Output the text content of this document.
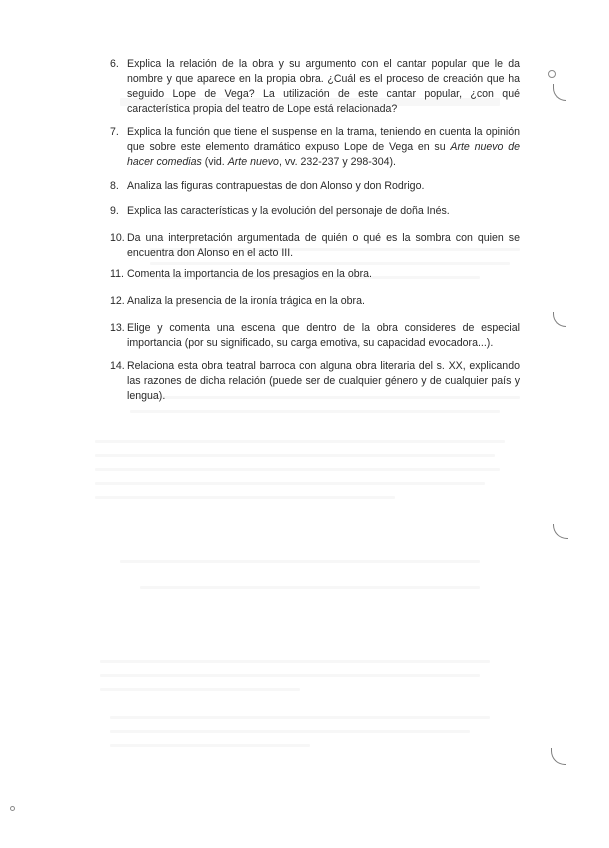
6. Explica la relación de la obra y su argumento con el cantar popular que le da nombre y que aparece en la propia obra. ¿Cuál es el proceso de creación que ha seguido Lope de Vega? La utilización de este cantar popular, ¿con qué característica propia del teatro de Lope está relacionada?
7. Explica la función que tiene el suspense en la trama, teniendo en cuenta la opinión que sobre este elemento dramático expuso Lope de Vega en su Arte nuevo de hacer comedias (vid. Arte nuevo, vv. 232-237 y 298-304).
8. Analiza las figuras contrapuestas de don Alonso y don Rodrigo.
9. Explica las características y la evolución del personaje de doña Inés.
10. Da una interpretación argumentada de quién o qué es la sombra con quien se encuentra don Alonso en el acto III.
11. Comenta la importancia de los presagios en la obra.
12. Analiza la presencia de la ironía trágica en la obra.
13. Elige y comenta una escena que dentro de la obra consideres de especial importancia (por su significado, su carga emotiva, su capacidad evocadora...).
14. Relaciona esta obra teatral barroca con alguna obra literaria del s. XX, explicando las razones de dicha relación (puede ser de cualquier género y de cualquier país y lengua).
